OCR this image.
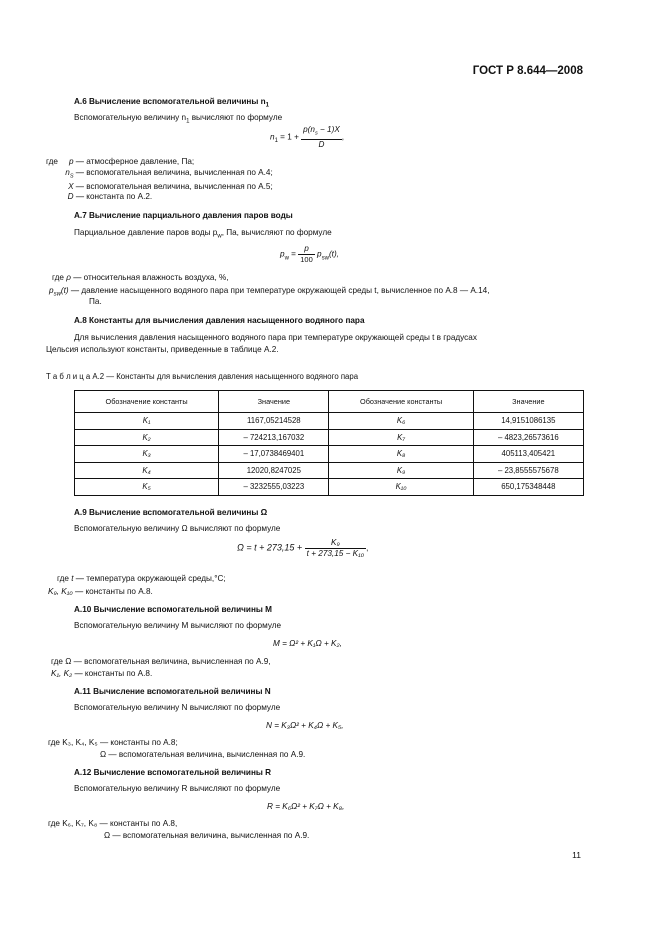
ГОСТ Р 8.644—2008
А.6 Вычисление вспомогательной величины $n_1$
Вспомогательную величину $n_1$ вычисляют по формуле
$n_1 = 1 + \frac{p(n_s - 1)X}{D}$ ,
где	p —
атмосферное давление, Па;
$n_S$ —
вспомогательная величина, вычисленная по А.4;
X —
вспомогательная величина, вычисленная по А.5;
D —
константа по А.2.
А.7 Вычисление парциального давления паров воды
Парциальное давление паров воды $p_w$, Па, вычисляют по формуле
$p_w = \frac{p}{100} p_{sw}(t)$,
где ρ — относительная влажность воздуха, %,
$p_{sw}(t)$ — давление насыщенного водяного пара при температуре окружающей среды t, вычисленное по А.8 — А.14,
Па.
А.8 Константы для вычисления давления насыщенного водяного пара
Для вычисления давления насыщенного водяного пара при температуре окружающей среды t в градусах
Цельсия используют константы, приведенные в таблице А.2.
Т а б л и ц а А.2 — Константы для вычисления давления насыщенного водяного пара
Обозначение константы	Значение	Обозначение константы	Значение
K₁	1167,05214528	K₆	14,9151086135
K₂	– 724213,167032	K₇	– 4823,26573616
K₃	– 17,0738469401	K₈	405113,405421
K₄	12020,8247025	K₉	– 23,8555575678
K₅	– 3232555,03223	K₁₀	650,175348448
А.9 Вычисление вспомогательной величины Ω
Вспомогательную величину Ω вычисляют по формуле
$\Omega = t + 273,15 + \frac{\text{K₉}}{\text{t + 273,15 − K₁₀}}$ ,
где t — температура окружающей среды,°С;
K₉, K₁₀ — константы по А.8.
А.10 Вычисление вспомогательной величины M
Вспомогательную величину M вычисляют по формуле
M = Ω² + K₁Ω + K₂,
где Ω — вспомогательная величина, вычисленная по А.9,
K₁, K₂ — константы по А.8.
А.11 Вычисление вспомогательной величины N
Вспомогательную величину N вычисляют по формуле
N = K₃Ω² + K₄Ω + K₅,
где K₃, K₄, K₅ — константы по А.8;
Ω — вспомогательная величина, вычисленная по А.9.
А.12 Вычисление вспомогательной величины R
Вспомогательную величину R вычисляют по формуле
R = K₆Ω² + K₇Ω + K₈,
где K₆, K₇, K₈ — константы по А.8,
Ω — вспомогательная величина, вычисленная по А.9.
11
